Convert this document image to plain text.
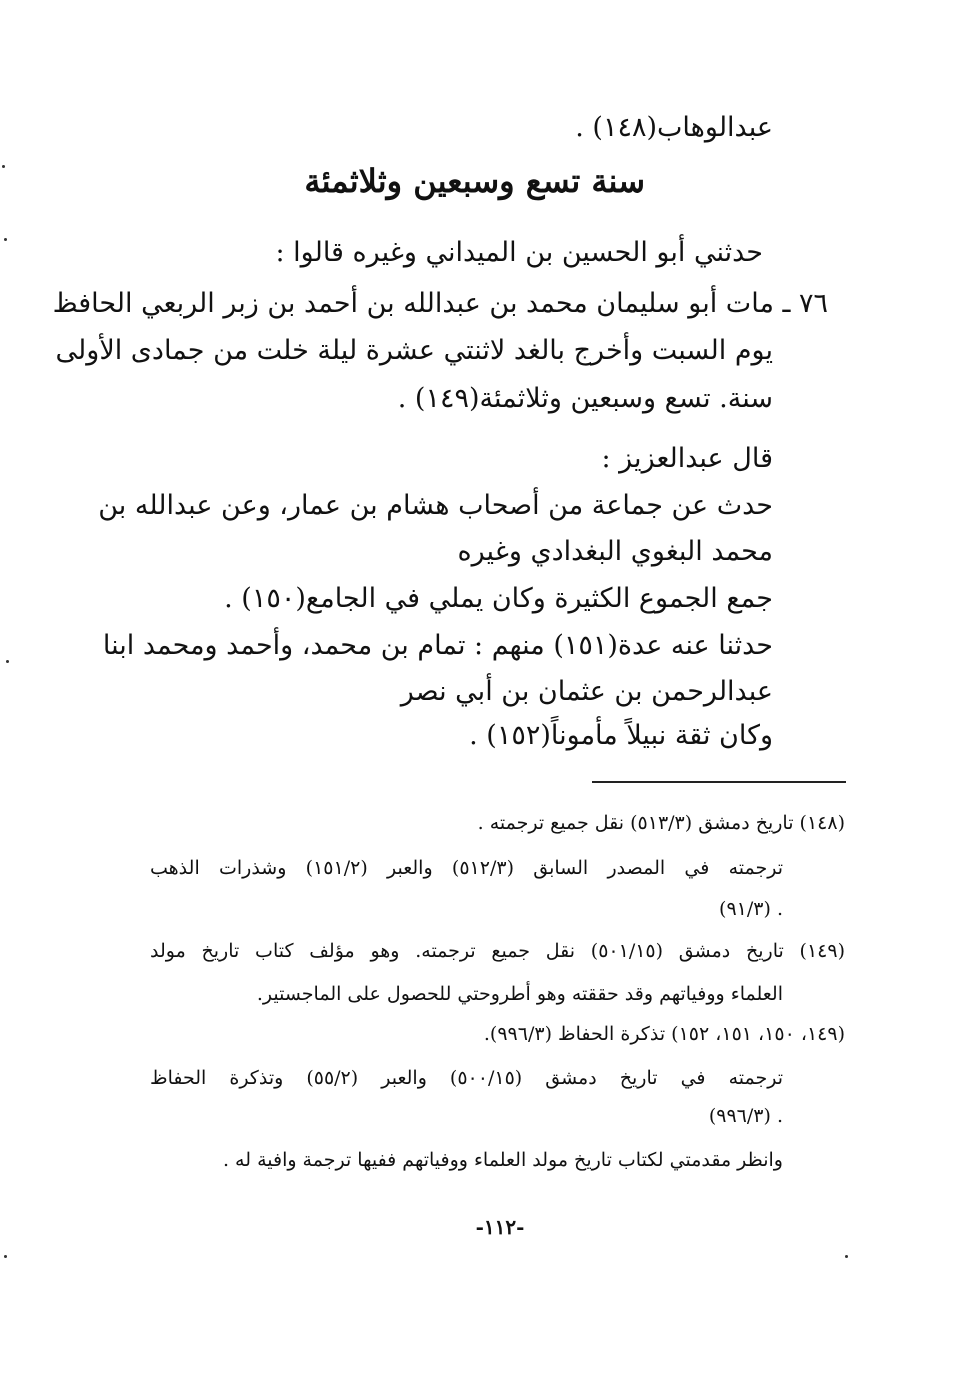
عبدالوهاب(١٤٨) .
سنة تسع وسبعين وثلاثمئة
حدثني أبو الحسين بن الميداني وغيره قالوا :
٧٦ ـ مات أبو سليمان محمد بن عبدالله بن أحمد بن زبر الربعي الحافظ
يوم السبت وأخرج بالغد لاثنتي عشرة ليلة خلت من جمادى الأولى
سنة. تسع وسبعين وثلاثمئة(١٤٩) .
قال عبدالعزيز :
حدث عن جماعة من أصحاب هشام بن عمار، وعن عبدالله بن
محمد البغوي البغدادي وغيره
جمع الجموع الكثيرة وكان يملي في الجامع(١٥٠) .
حدثنا عنه عدة(١٥١) منهم : تمام بن محمد، وأحمد ومحمد ابنا
عبدالرحمن بن عثمان بن أبي نصر
وكان ثقة نبيلاً مأموناً(١٥٢) .
(١٤٨) تاريخ دمشق (٥١٣/٣) نقل جميع ترجمته .
ترجمته في المصدر السابق (٥١٢/٣) والعبر (١٥١/٢) وشذرات الذهب
(٩١/٣) .
(١٤٩) تاريخ دمشق (٥٠١/١٥) نقل جميع ترجمته. وهو مؤلف كتاب تاريخ مولد
العلماء ووفياتهم وقد حققته وهو أطروحتي للحصول على الماجستير.
(١٤٩، ١٥٠، ١٥١، ١٥٢) تذكرة الحفاظ (٩٩٦/٣).
ترجمته في تاريخ دمشق (٥٠٠/١٥) والعبر (٥٥/٢) وتذكرة الحفاظ
(٩٩٦/٣) .
وانظر مقدمتي لكتاب تاريخ مولد العلماء ووفياتهم ففيها ترجمة وافية له .
-١١٢-
